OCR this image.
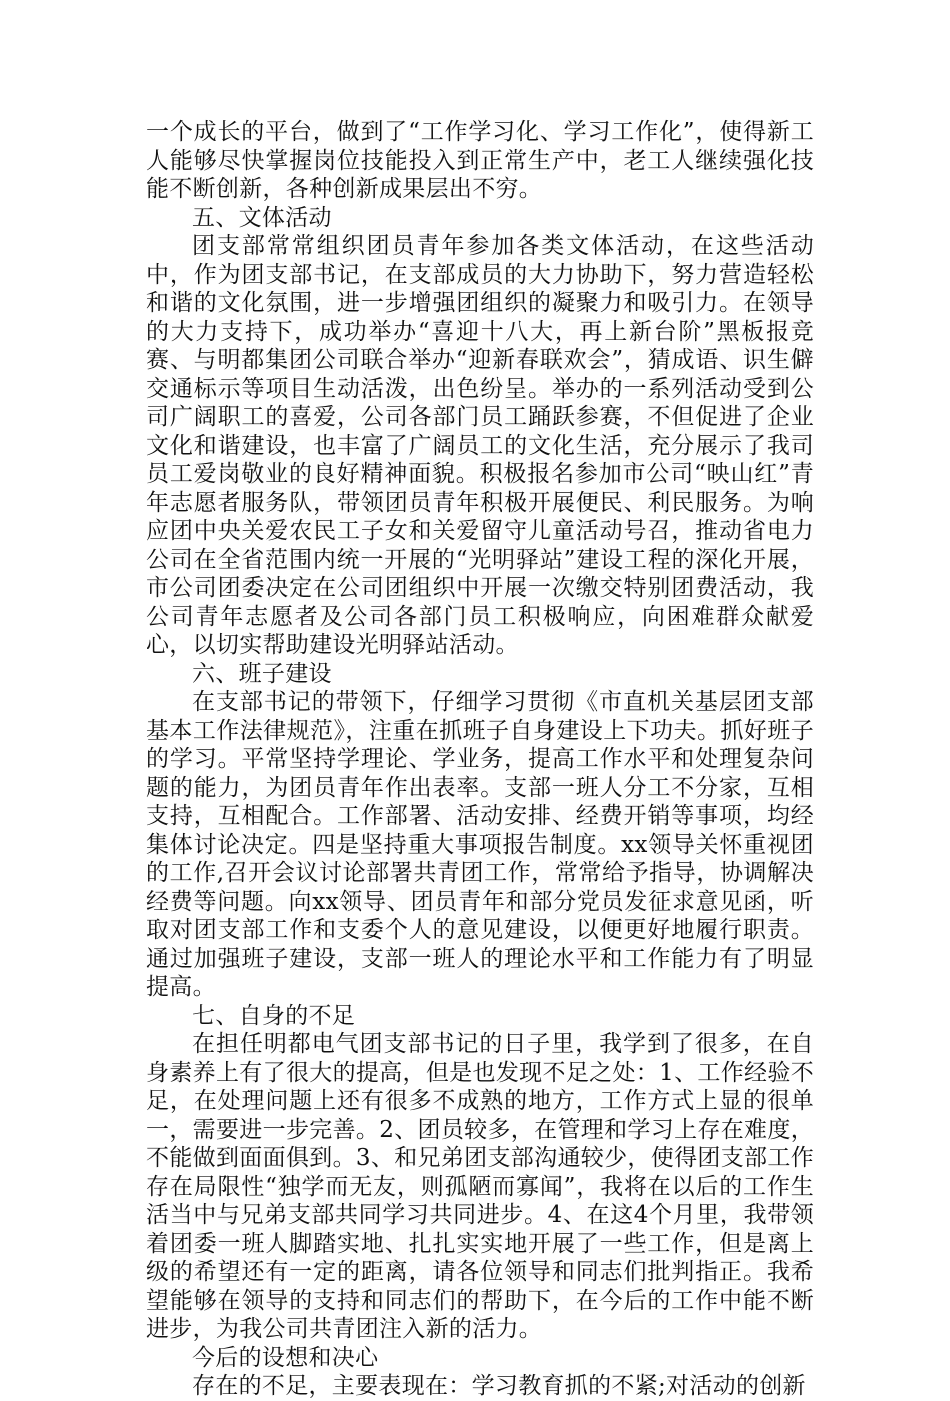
一个成长的平台，做到了“工作学习化、学习工作化”，使得新工人能够尽快掌握岗位技能投入到正常生产中，老工人继续强化技能不断创新，各种创新成果层出不穷。

五、文体活动

团支部常常组织团员青年参加各类文体活动，在这些活动中，作为团支部书记，在支部成员的大力协助下，努力营造轻松和谐的文化氛围，进一步增强团组织的凝聚力和吸引力。在领导的大力支持下，成功举办“喜迎十八大，再上新台阶”黑板报竞赛、与明都集团公司联合举办“迎新春联欢会”，猜成语、识生僻交通标示等项目生动活泼，出色纷呈。举办的一系列活动受到公司广阔职工的喜爱，公司各部门员工踊跃参赛，不但促进了企业文化和谐建设，也丰富了广阔员工的文化生活，充分展示了我司员工爱岗敬业的良好精神面貌。积极报名参加市公司“映山红”青年志愿者服务队，带领团员青年积极开展便民、利民服务。为响应团中央关爱农民工子女和关爱留守儿童活动号召，推动省电力公司在全省范围内统一开展的“光明驿站”建设工程的深化开展，市公司团委决定在公司团组织中开展一次缴交特别团费活动，我公司青年志愿者及公司各部门员工积极响应，向困难群众献爱心，以切实帮助建设光明驿站活动。

六、班子建设

在支部书记的带领下，仔细学习贯彻《市直机关基层团支部基本工作法律规范》，注重在抓班子自身建设上下功夫。抓好班子的学习。平常坚持学理论、学业务，提高工作水平和处理复杂问题的能力，为团员青年作出表率。支部一班人分工不分家，互相支持，互相配合。工作部署、活动安排、经费开销等事项，均经集体讨论决定。四是坚持重大事项报告制度。xx领导关怀重视团的工作,召开会议讨论部署共青团工作，常常给予指导，协调解决经费等问题。向xx领导、团员青年和部分党员发征求意见函，听取对团支部工作和支委个人的意见建设，以便更好地履行职责。通过加强班子建设，支部一班人的理论水平和工作能力有了明显提高。

七、自身的不足

在担任明都电气团支部书记的日子里，我学到了很多，在自身素养上有了很大的提高，但是也发现不足之处：1、工作经验不足，在处理问题上还有很多不成熟的地方，工作方式上显的很单一，需要进一步完善。2、团员较多，在管理和学习上存在难度，不能做到面面俱到。3、和兄弟团支部沟通较少，使得团支部工作存在局限性“独学而无友，则孤陋而寡闻”，我将在以后的工作生活当中与兄弟支部共同学习共同进步。4、在这4个月里，我带领着团委一班人脚踏实地、扎扎实实地开展了一些工作，但是离上级的希望还有一定的距离，请各位领导和同志们批判指正。我希望能够在领导的支持和同志们的帮助下，在今后的工作中能不断进步，为我公司共青团注入新的活力。

今后的设想和决心

存在的不足，主要表现在：学习教育抓的不紧;对活动的创新
